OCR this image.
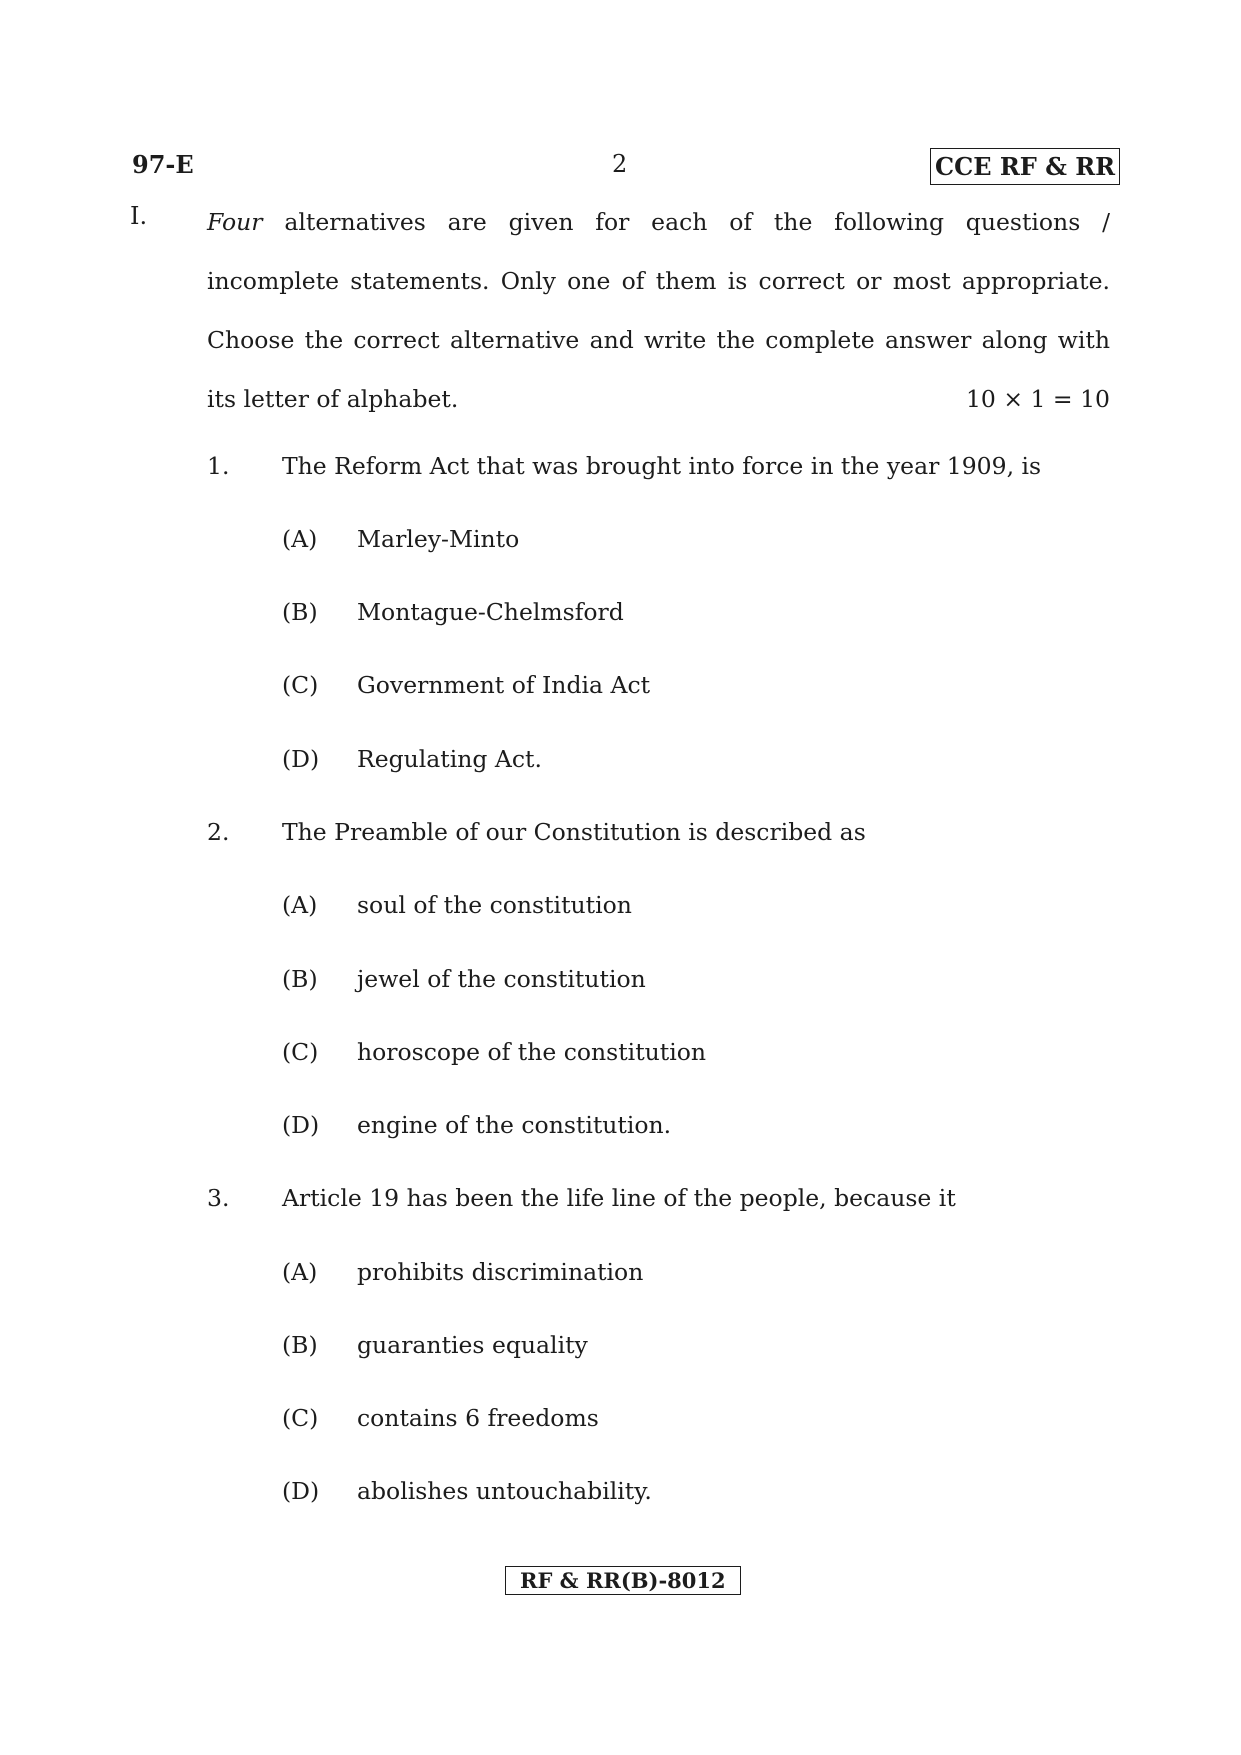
97-E	2	CCE RF & RR
I.	Four alternatives are given for each of the following questions /
incomplete statements. Only one of them is correct or most appropriate.
Choose the correct alternative and write the complete answer along with
its letter of alphabet.	10 × 1 = 10
1. The Reform Act that was brought into force in the year 1909, is
(A) Marley-Minto
(B) Montague-Chelmsford
(C) Government of India Act
(D) Regulating Act.
2. The Preamble of our Constitution is described as
(A) soul of the constitution
(B) jewel of the constitution
(C) horoscope of the constitution
(D) engine of the constitution.
3. Article 19 has been the life line of the people, because it
(A) prohibits discrimination
(B) guaranties equality
(C) contains 6 freedoms
(D) abolishes untouchability.
RF & RR(B)-8012
